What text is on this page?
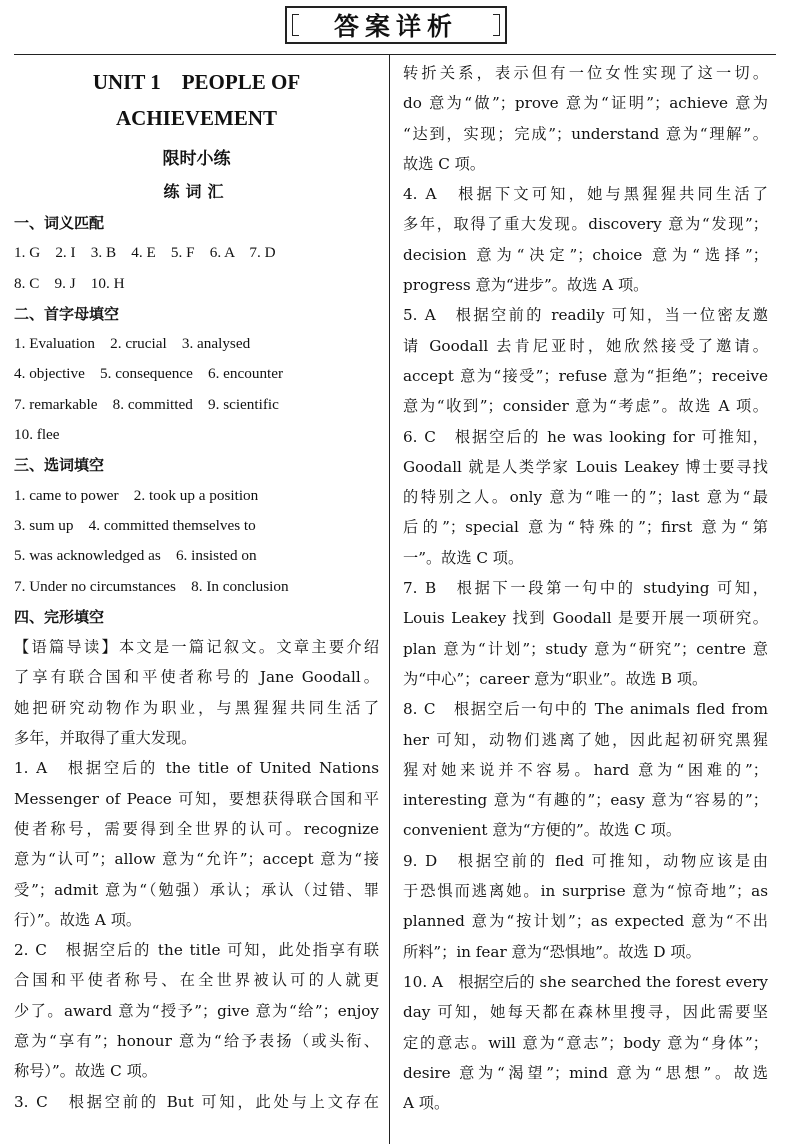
答案详析
UNIT 1　PEOPLE OF
ACHIEVEMENT
限时小练
练词汇
一、词义匹配
1. G　2. I　3. B　4. E　5. F　6. A　7. D
8. C　9. J　10. H
二、首字母填空
1. Evaluation　2. crucial　3. analysed
4. objective　5. consequence　6. encounter
7. remarkable　8. committed　9. scientific
10. flee
三、选词填空
1. came to power　2. took up a position
3. sum up　4. committed themselves to
5. was acknowledged as　6. insisted on
7. Under no circumstances　8. In conclusion
四、完形填空
【语篇导读】本文是一篇记叙文。文章主要介绍
了享有联合国和平使者称号的 Jane Goodall。
她把研究动物作为职业，与黑猩猩共同生活了
多年，并取得了重大发现。
1. A　根据空后的 the title of United Nations
Messenger of Peace 可知，要想获得联合国和平
使者称号，需要得到全世界的认可。recognize
意为“认可”；allow 意为“允许”；accept 意为“接
受”；admit 意为“（勉强）承认；承认（过错、罪
行）”。故选 A 项。
2. C　根据空后的 the title 可知，此处指享有联
合国和平使者称号、在全世界被认可的人就更
少了。award 意为“授予”；give 意为“给”；enjoy
意为“享有”；honour 意为“给予表扬（或头衔、
称号）”。故选 C 项。
3. C　根据空前的 But 可知，此处与上文存在
转折关系，表示但有一位女性实现了这一切。
do 意为“做”；prove 意为“证明”；achieve 意为
“达到，实现；完成”；understand 意为“理解”。
故选 C 项。
4. A　根据下文可知，她与黑猩猩共同生活了
多年，取得了重大发现。discovery 意为“发现”；
decision 意为“决定”；choice 意为“选择”；
progress 意为“进步”。故选 A 项。
5. A　根据空前的 readily 可知，当一位密友邀
请 Goodall 去肯尼亚时，她欣然接受了邀请。
accept 意为“接受”；refuse 意为“拒绝”；receive
意为“收到”；consider 意为“考虑”。故选 A 项。
6. C　根据空后的 he was looking for 可推知，
Goodall 就是人类学家 Louis Leakey 博士要寻找
的特别之人。only 意为“唯一的”；last 意为“最
后的”；special 意为“特殊的”；first 意为“第
一”。故选 C 项。
7. B　根据下一段第一句中的 studying 可知，
Louis Leakey 找到 Goodall 是要开展一项研究。
plan 意为“计划”；study 意为“研究”；centre 意
为“中心”；career 意为“职业”。故选 B 项。
8. C　根据空后一句中的 The animals fled from
her 可知，动物们逃离了她，因此起初研究黑猩
猩对她来说并不容易。hard 意为“困难的”；
interesting 意为“有趣的”；easy 意为“容易的”；
convenient 意为“方便的”。故选 C 项。
9. D　根据空前的 fled 可推知，动物应该是由
于恐惧而逃离她。in surprise 意为“惊奇地”；as
planned 意为“按计划”；as expected 意为“不出
所料”；in fear 意为“恐惧地”。故选 D 项。
10. A　根据空后的 she searched the forest every
day 可知，她每天都在森林里搜寻，因此需要坚
定的意志。will 意为“意志”；body 意为“身体”；
desire 意为“渴望”；mind 意为“思想”。故选
A 项。
